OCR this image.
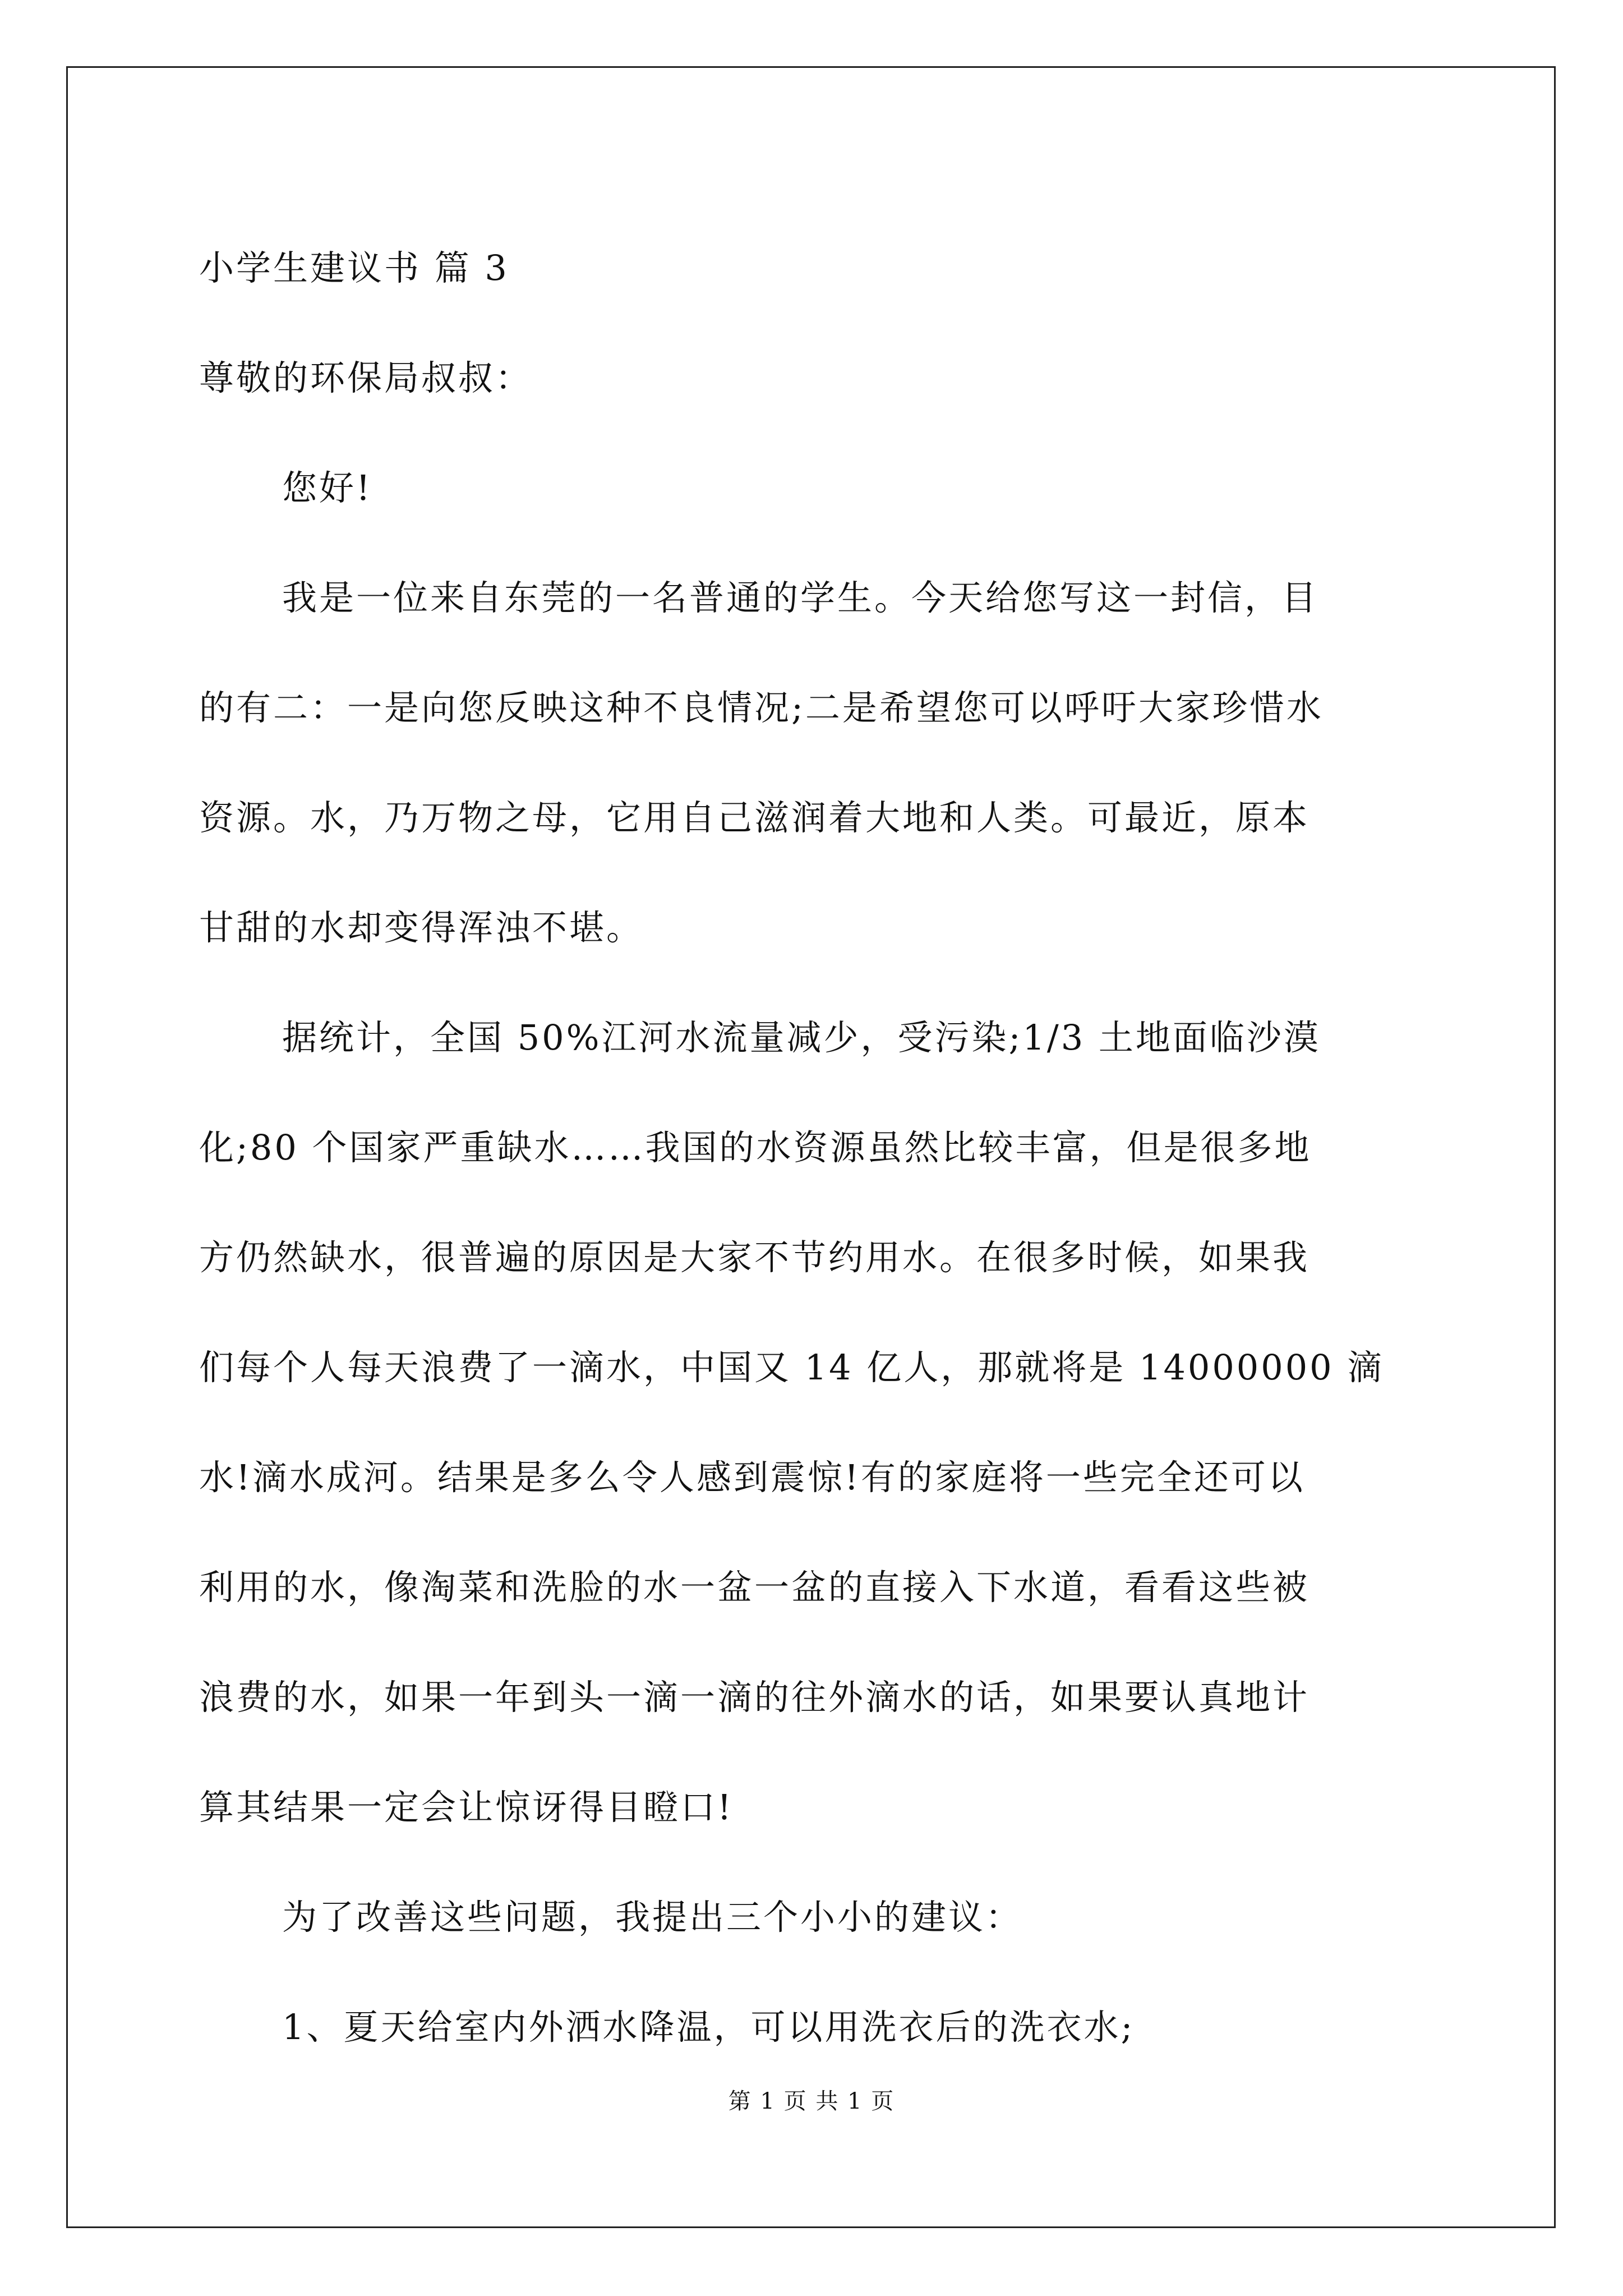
小学生建议书 篇 3
尊敬的环保局叔叔：
您好!
我是一位来自东莞的一名普通的学生。今天给您写这一封信，目
的有二：一是向您反映这种不良情况;二是希望您可以呼吁大家珍惜水
资源。水，乃万物之母，它用自己滋润着大地和人类。可最近，原本
甘甜的水却变得浑浊不堪。
据统计，全国 50%江河水流量减少，受污染;1/3 土地面临沙漠
化;80 个国家严重缺水……我国的水资源虽然比较丰富，但是很多地
方仍然缺水，很普遍的原因是大家不节约用水。在很多时候，如果我
们每个人每天浪费了一滴水，中国又 14 亿人，那就将是 14000000 滴
水!滴水成河。结果是多么令人感到震惊!有的家庭将一些完全还可以
利用的水，像淘菜和洗脸的水一盆一盆的直接入下水道，看看这些被
浪费的水，如果一年到头一滴一滴的往外滴水的话，如果要认真地计
算其结果一定会让惊讶得目瞪口!
为了改善这些问题，我提出三个小小的建议：
1、夏天给室内外洒水降温，可以用洗衣后的洗衣水;
第 1 页 共 1 页
